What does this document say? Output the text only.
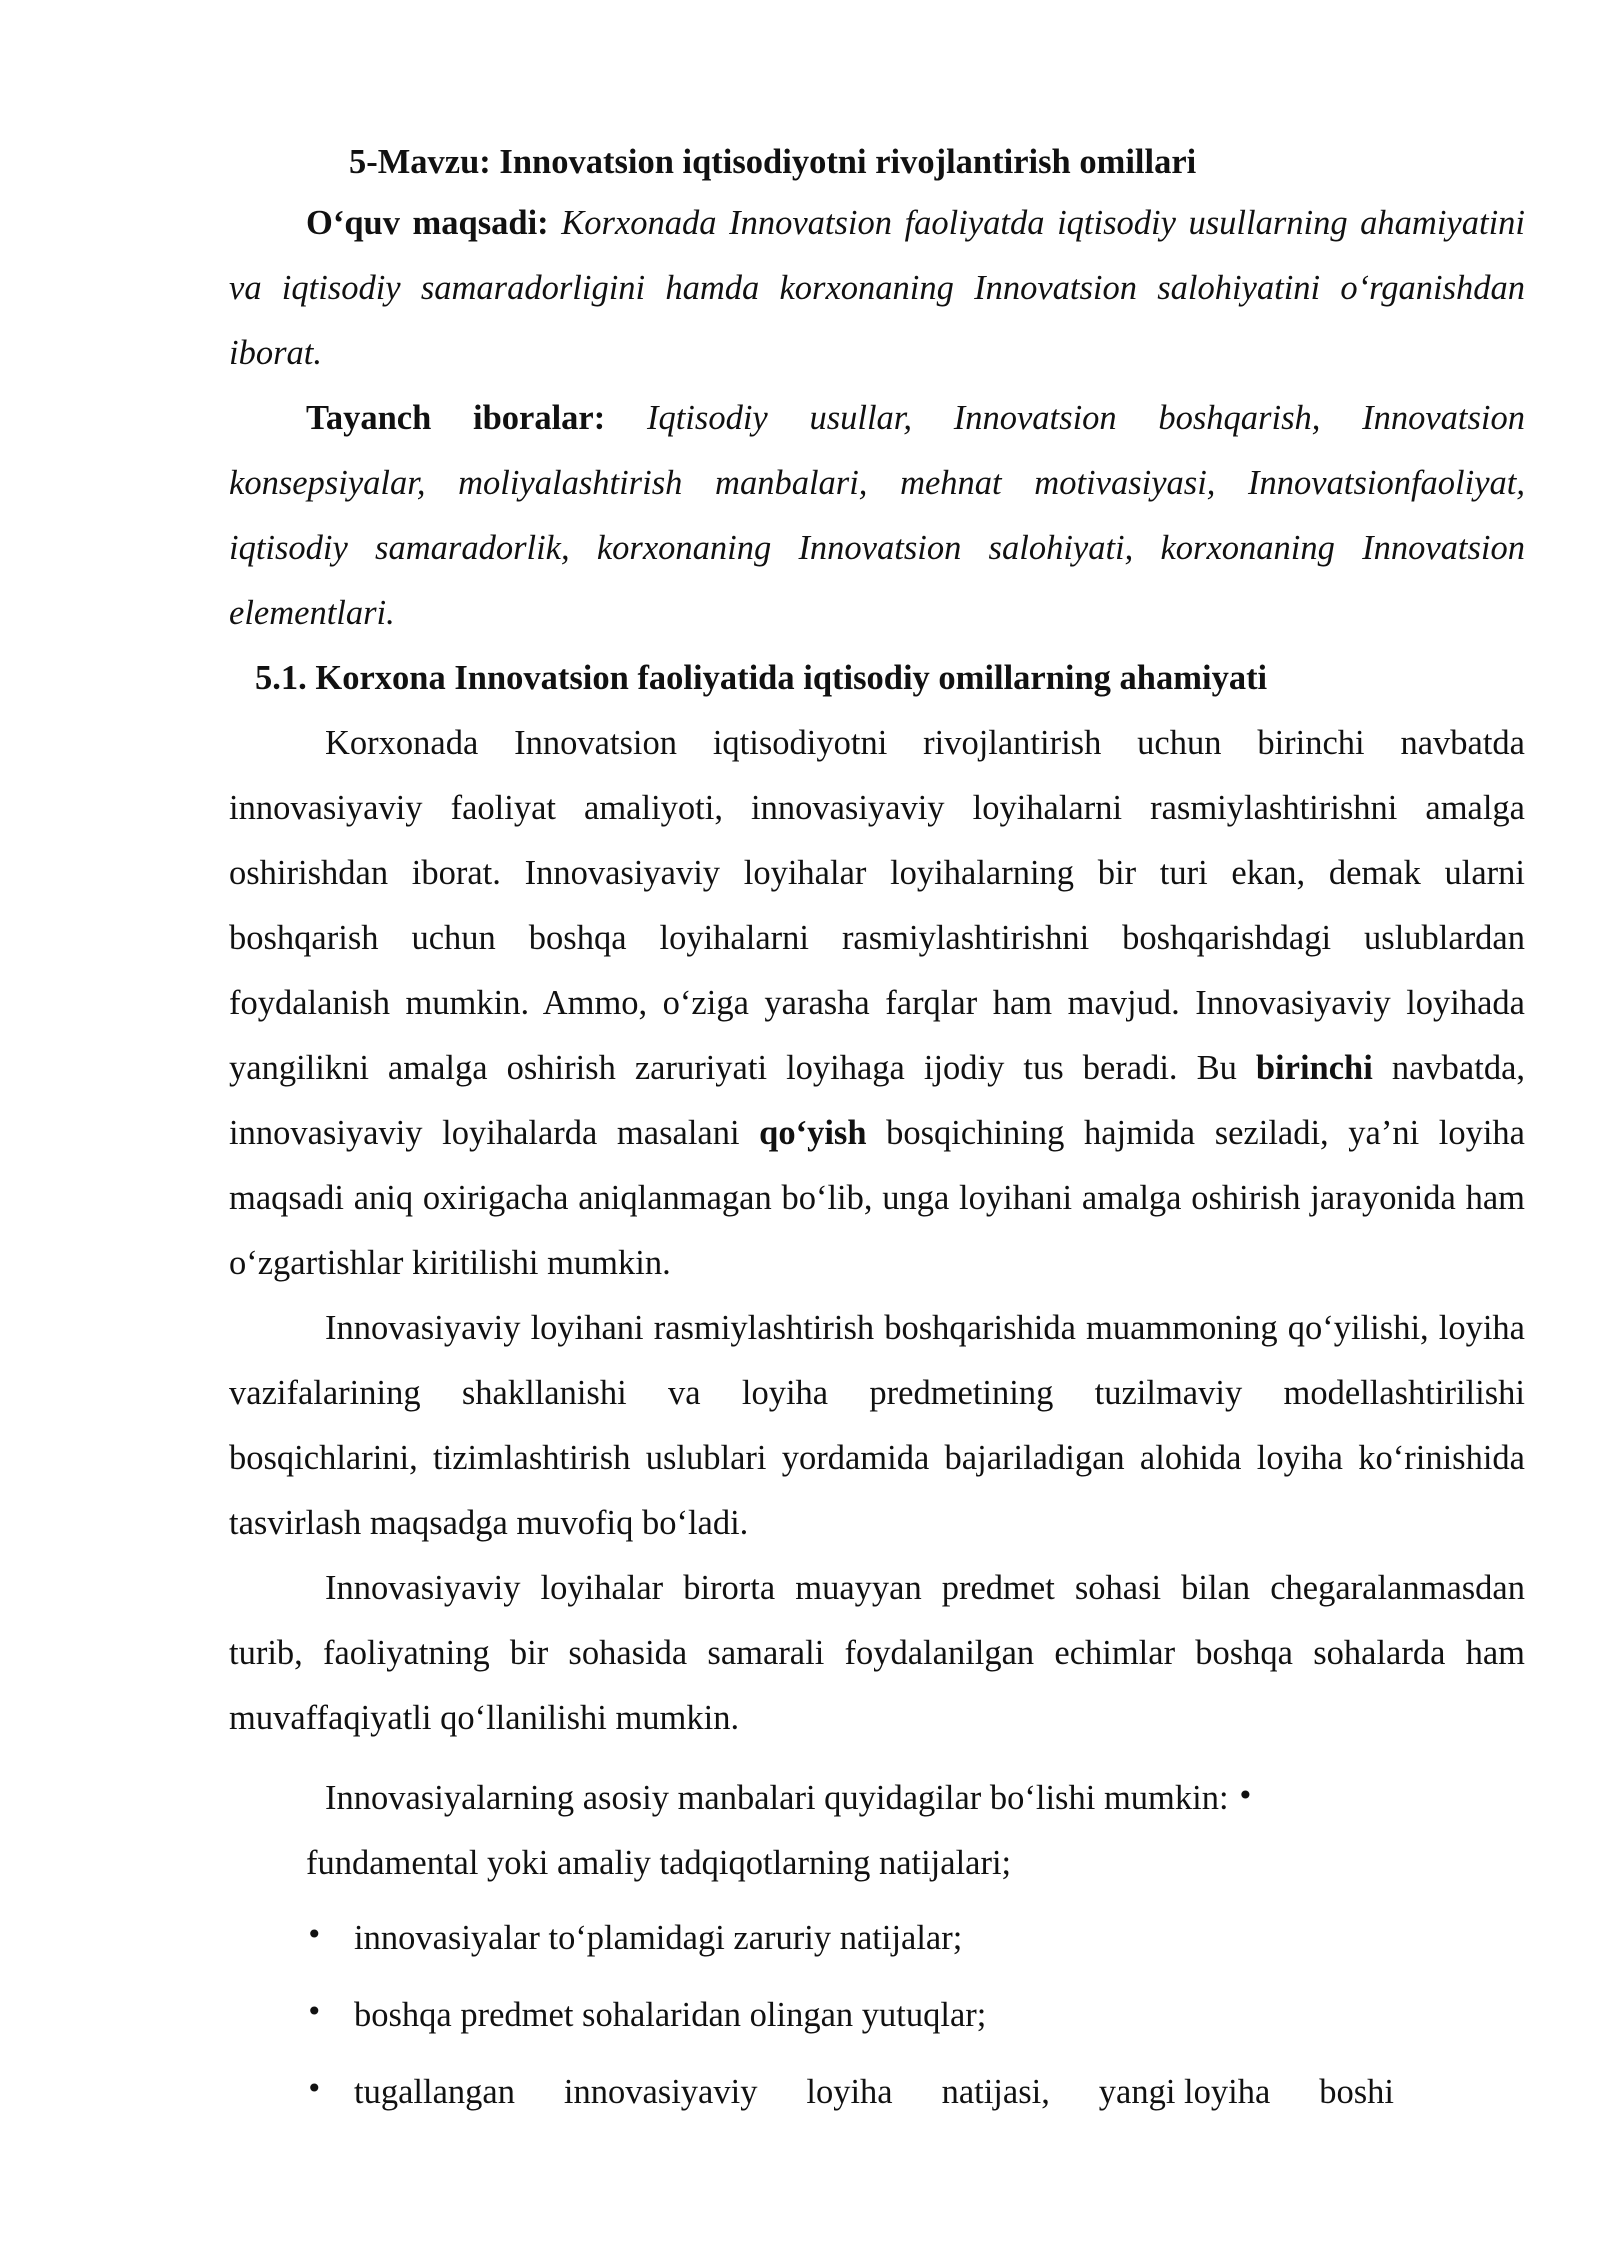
5-Mavzu: Innovatsion iqtisodiyotni rivojlantirish omillari

O‘quv maqsadi: Korxonada Innovatsion faoliyatda iqtisodiy usullarning ahamiyatini va iqtisodiy samaradorligini hamda korxonaning Innovatsion salohiyatini o‘rganishdan iborat.

Tayanch iboralar: Iqtisodiy usullar, Innovatsion boshqarish, Innovatsion konsepsiyalar, moliyalashtirish manbalari, mehnat motivasiyasi, Innovatsionfaoliyat, iqtisodiy samaradorlik, korxonaning Innovatsion salohiyati, korxonaning Innovatsion elementlari.

5.1. Korxona Innovatsion faoliyatida iqtisodiy omillarning ahamiyati

Korxonada Innovatsion iqtisodiyotni rivojlantirish uchun birinchi navbatda innovasiyaviy faoliyat amaliyoti, innovasiyaviy loyihalarni rasmiylashtirishni amalga oshirishdan iborat. Innovasiyaviy loyihalar loyihalarning bir turi ekan, demak ularni boshqarish uchun boshqa loyihalarni rasmiylashtirishni boshqarishdagi uslublardan foydalanish mumkin. Ammo, o‘ziga yarasha farqlar ham mavjud. Innovasiyaviy loyihada yangilikni amalga oshirish zaruriyati loyihaga ijodiy tus beradi. Bu birinchi navbatda, innovasiyaviy loyihalarda masalani qo‘yish bosqichining hajmida seziladi, ya’ni loyiha maqsadi aniq oxirigacha aniqlanmagan bo‘lib, unga loyihani amalga oshirish jarayonida ham o‘zgartishlar kiritilishi mumkin.

Innovasiyaviy loyihani rasmiylashtirish boshqarishida muammoning qo‘yilishi, loyiha vazifalarining shakllanishi va loyiha predmetining tuzilmaviy modellashtirilishi bosqichlarini, tizimlashtirish uslublari yordamida bajariladigan alohida loyiha ko‘rinishida tasvirlash maqsadga muvofiq bo‘ladi.

Innovasiyaviy loyihalar birorta muayyan predmet sohasi bilan chegaralanmasdan turib, faoliyatning bir sohasida samarali foydalanilgan echimlar boshqa sohalarda ham muvaffaqiyatli qo‘llanilishi mumkin.

Innovasiyalarning asosiy manbalari quyidagilar bo‘lishi mumkin: •

fundamental yoki amaliy tadqiqotlarning natijalari;

• innovasiyalar to‘plamidagi zaruriy natijalar;
• boshqa predmet sohalaridan olingan yutuqlar;
• tugallangan innovasiyaviy loyiha natijasi, yangi loyiha boshi
